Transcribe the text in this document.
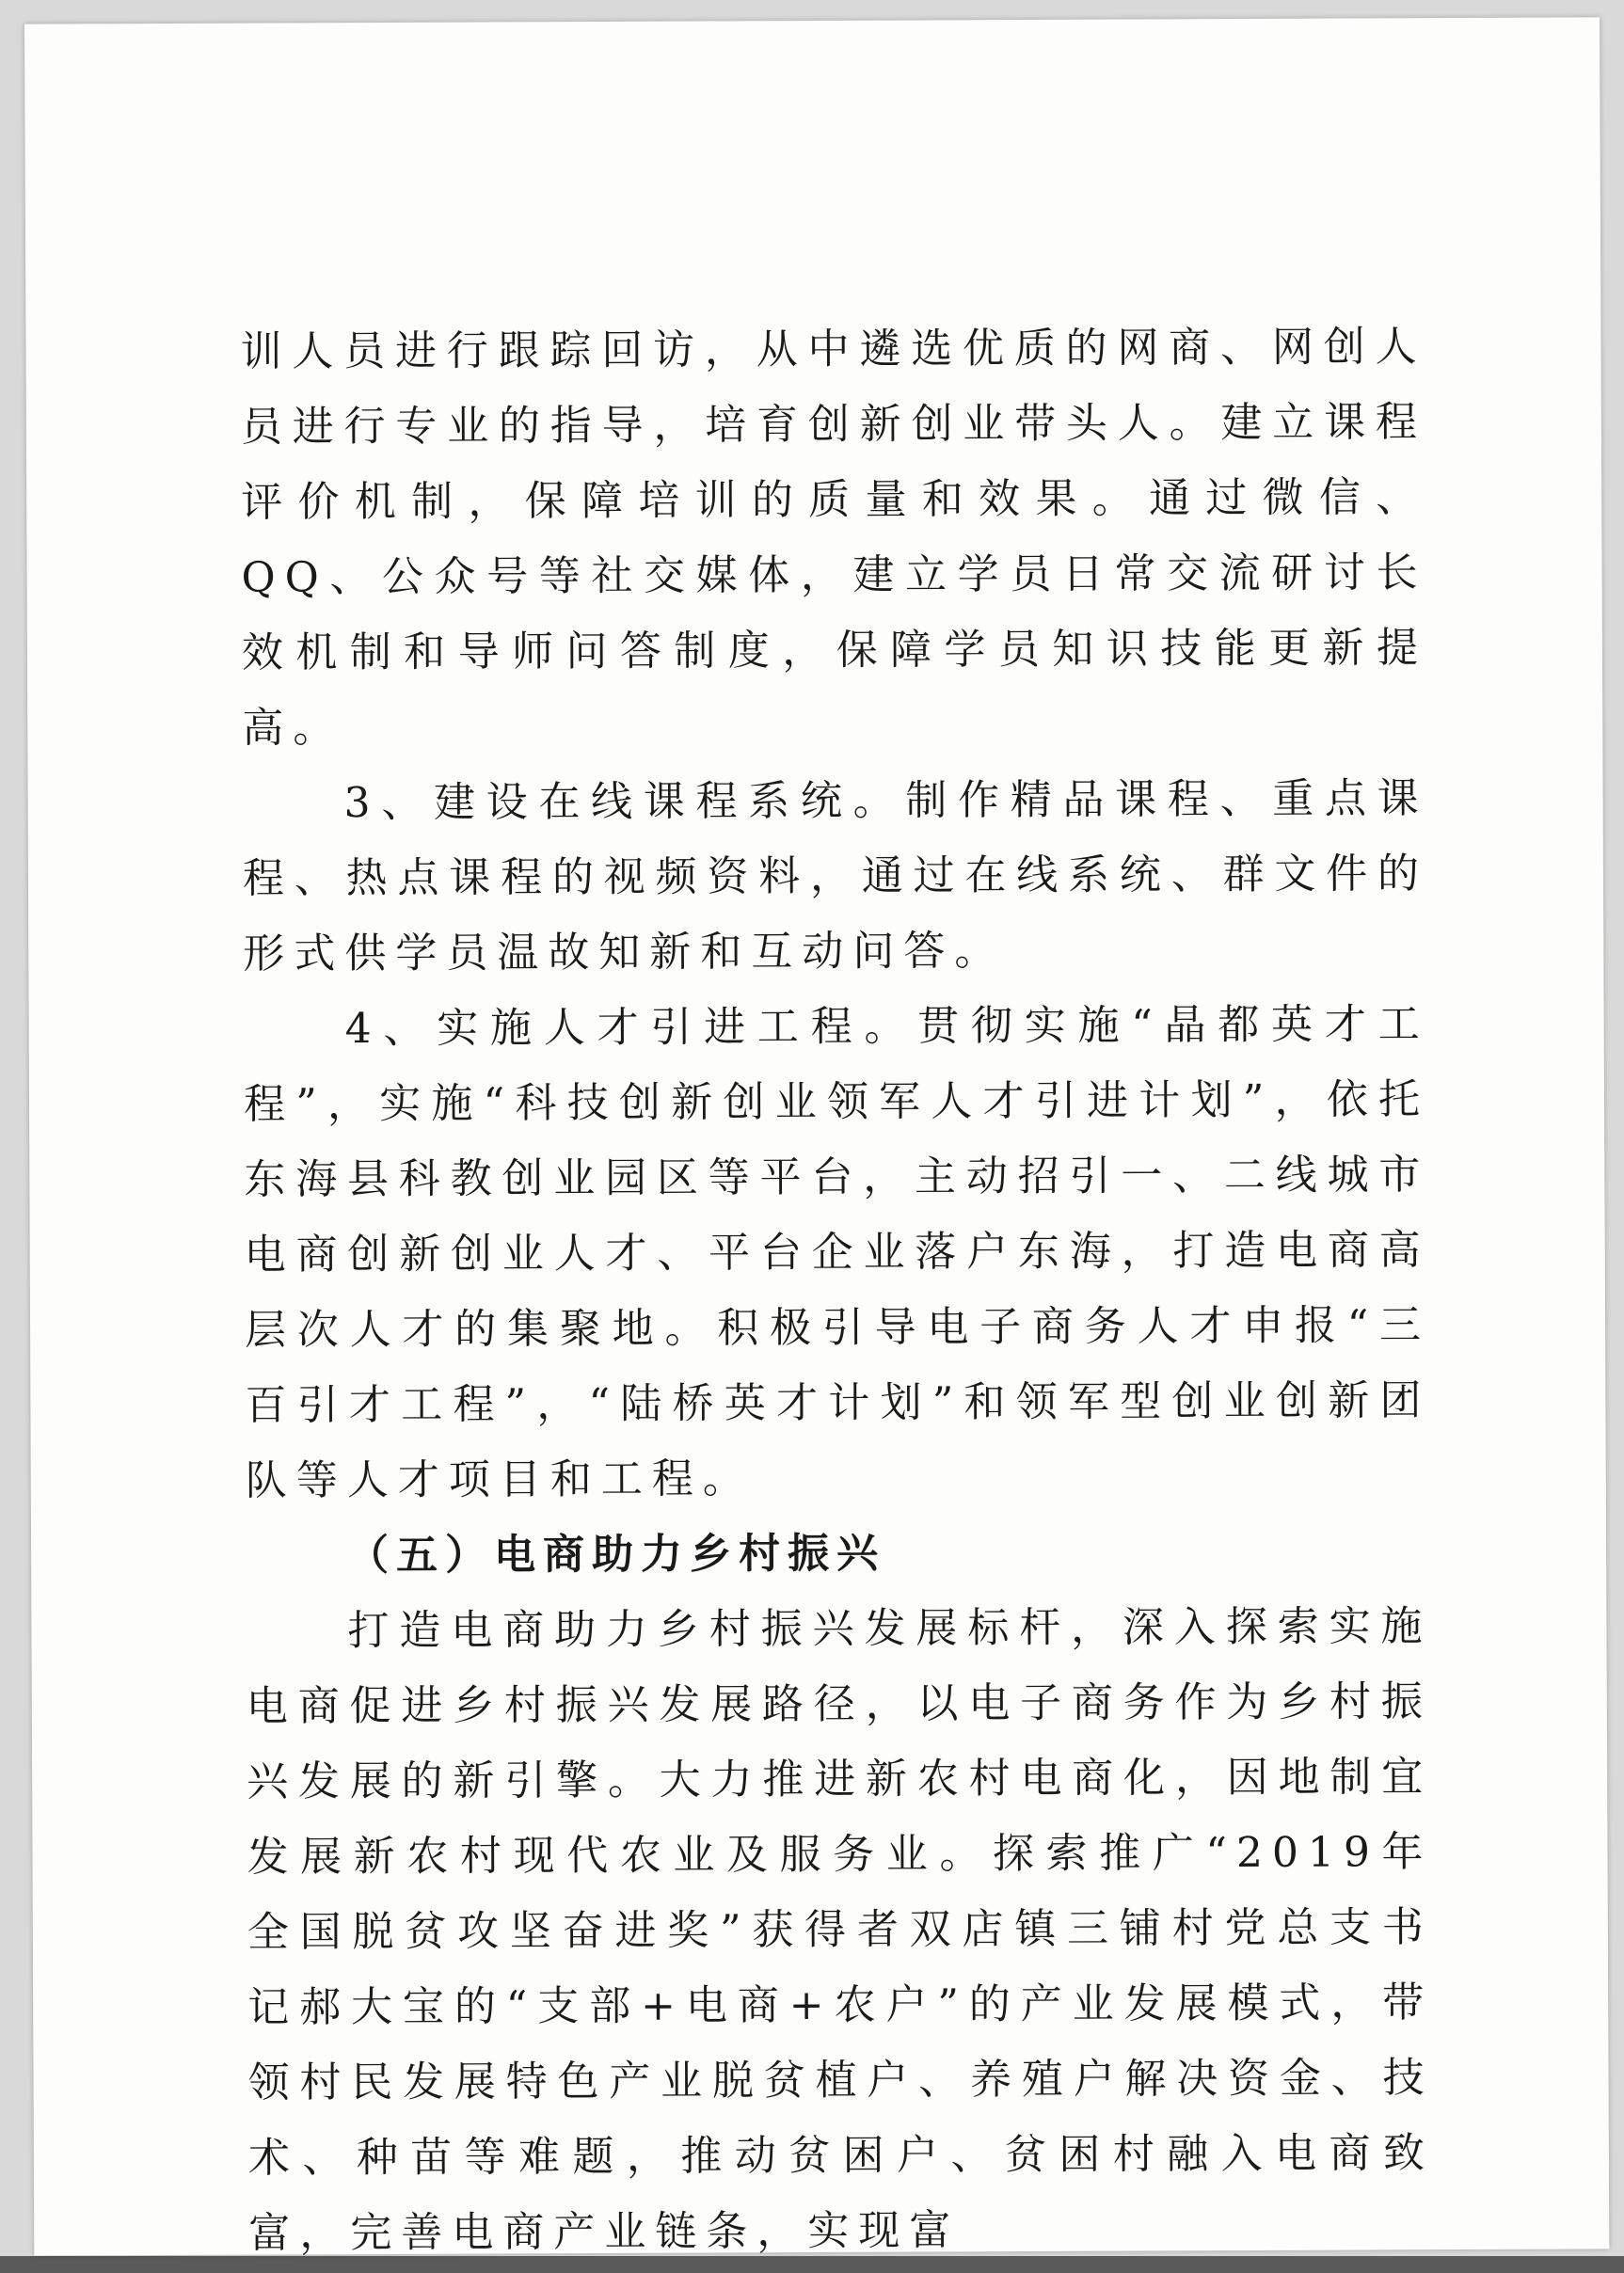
训人员进行跟踪回访，从中遴选优质的网商、网创人员进行专业的指导，培育创新创业带头人。建立课程评价机制，保障培训的质量和效果。通过微信、QQ、公众号等社交媒体，建立学员日常交流研讨长效机制和导师问答制度，保障学员知识技能更新提高。

3、建设在线课程系统。制作精品课程、重点课程、热点课程的视频资料，通过在线系统、群文件的形式供学员温故知新和互动问答。

4、实施人才引进工程。贯彻实施“晶都英才工程”，实施“科技创新创业领军人才引进计划”，依托东海县科教创业园区等平台，主动招引一、二线城市电商创新创业人才、平台企业落户东海，打造电商高层次人才的集聚地。积极引导电子商务人才申报“三百引才工程”，“陆桥英才计划”和领军型创业创新团队等人才项目和工程。

（五）电商助力乡村振兴

打造电商助力乡村振兴发展标杆，深入探索实施电商促进乡村振兴发展路径，以电子商务作为乡村振兴发展的新引擎。大力推进新农村电商化，因地制宜发展新农村现代农业及服务业。探索推广“2019年全国脱贫攻坚奋进奖”获得者双店镇三铺村党总支书记郝大宝的“支部+电商+农户”的产业发展模式，带领村民发展特色产业脱贫植户、养殖户解决资金、技术、种苗等难题，推动贫困户、贫困村融入电商致富，完善电商产业链条，实现富
